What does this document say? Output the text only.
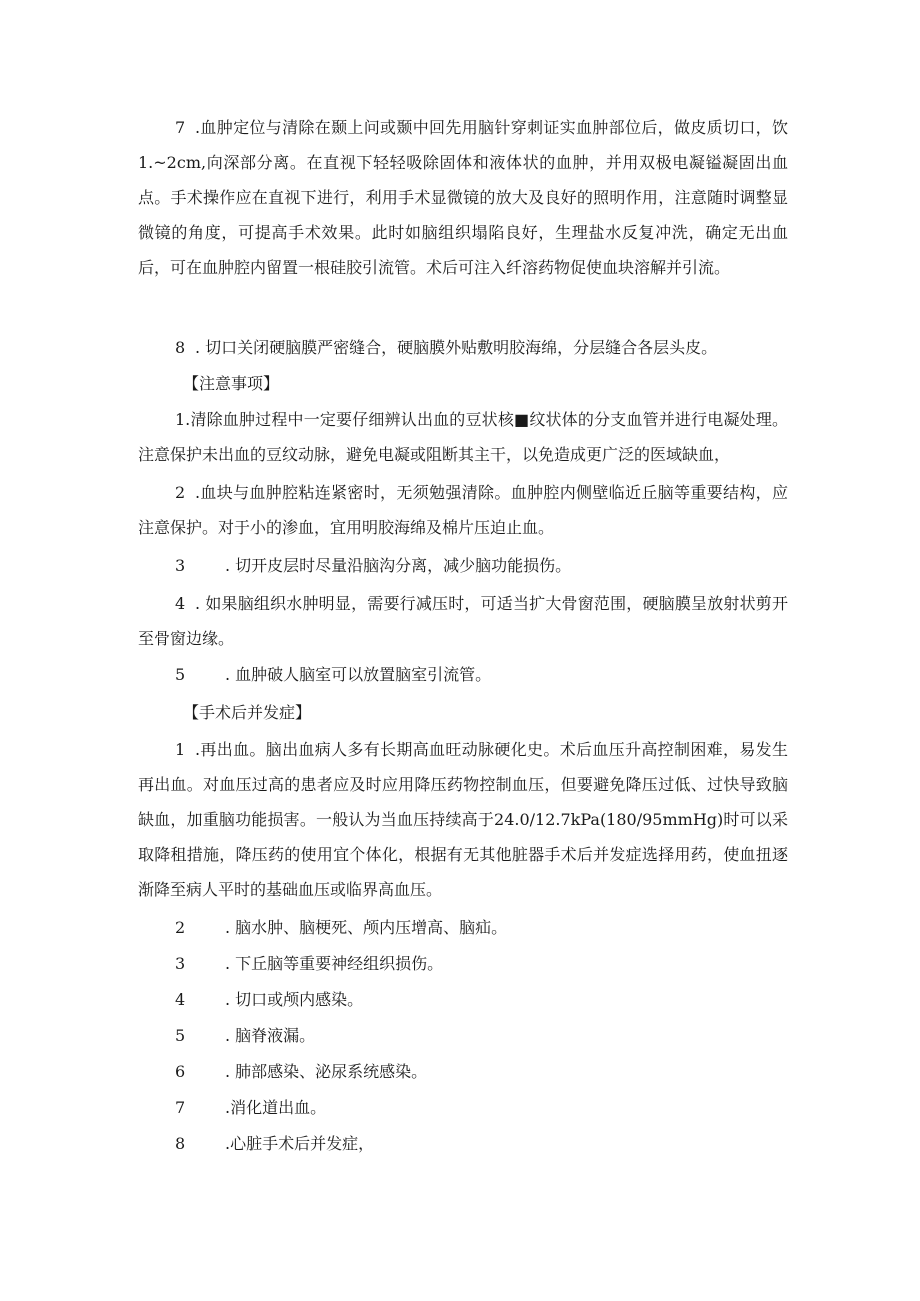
7 .血肿定位与清除在颞上问或颞中回先用脑针穿刺证实血肿部位后，做皮质切口，饮1.~2cm,向深部分离。在直视下轻轻吸除固体和液体状的血肿，并用双极电凝镒凝固出血点。手术操作应在直视下进行，利用手术显微镜的放大及良好的照明作用，注意随时调整显微镜的角度，可提高手术效果。此时如脑组织塌陷良好，生理盐水反复冲洗，确定无出血后，可在血肿腔内留置一根硅胶引流管。术后可注入纤溶药物促使血块溶解并引流。

8 . 切口关闭硬脑膜严密缝合，硬脑膜外贴敷明胶海绵，分层缝合各层头皮。

【注意事项】

1.清除血肿过程中一定要仔细辨认出血的豆状核■纹状体的分支血管并进行电凝处理。注意保护未出血的豆纹动脉，避免电凝或阻断其主干，以免造成更广泛的医域缺血，

2 .血块与血肿腔粘连紧密时，无须勉强清除。血肿腔内侧壁临近丘脑等重要结构，应注意保护。对于小的渗血，宜用明胶海绵及棉片压迫止血。

3 . 切开皮层时尽量沿脑沟分离，减少脑功能损伤。

4 . 如果脑组织水肿明显，需要行减压时，可适当扩大骨窗范围，硬脑膜呈放射状剪开至骨窗边缘。

5 . 血肿破人脑室可以放置脑室引流管。

【手术后并发症】

1 .再出血。脑出血病人多有长期高血旺动脉硬化史。术后血压升高控制困难，易发生再出血。对血压过高的患者应及时应用降压药物控制血压，但要避免降压过低、过快导致脑缺血，加重脑功能损害。一般认为当血压持续高于24.0∕12.7kPa(180∕95mmHg)时可以采取降租措施，降压药的使用宜个体化，根据有无其他脏器手术后并发症选择用药，使血扭逐渐降至病人平时的基础血压或临界高血压。

2 . 脑水肿、脑梗死、颅内压增高、脑疝。

3 . 下丘脑等重要神经组织损伤。

4 . 切口或颅内感染。

5 . 脑脊液漏。

6 . 肺部感染、泌尿系统感染。

7 .消化道出血。

8 .心脏手术后并发症，
